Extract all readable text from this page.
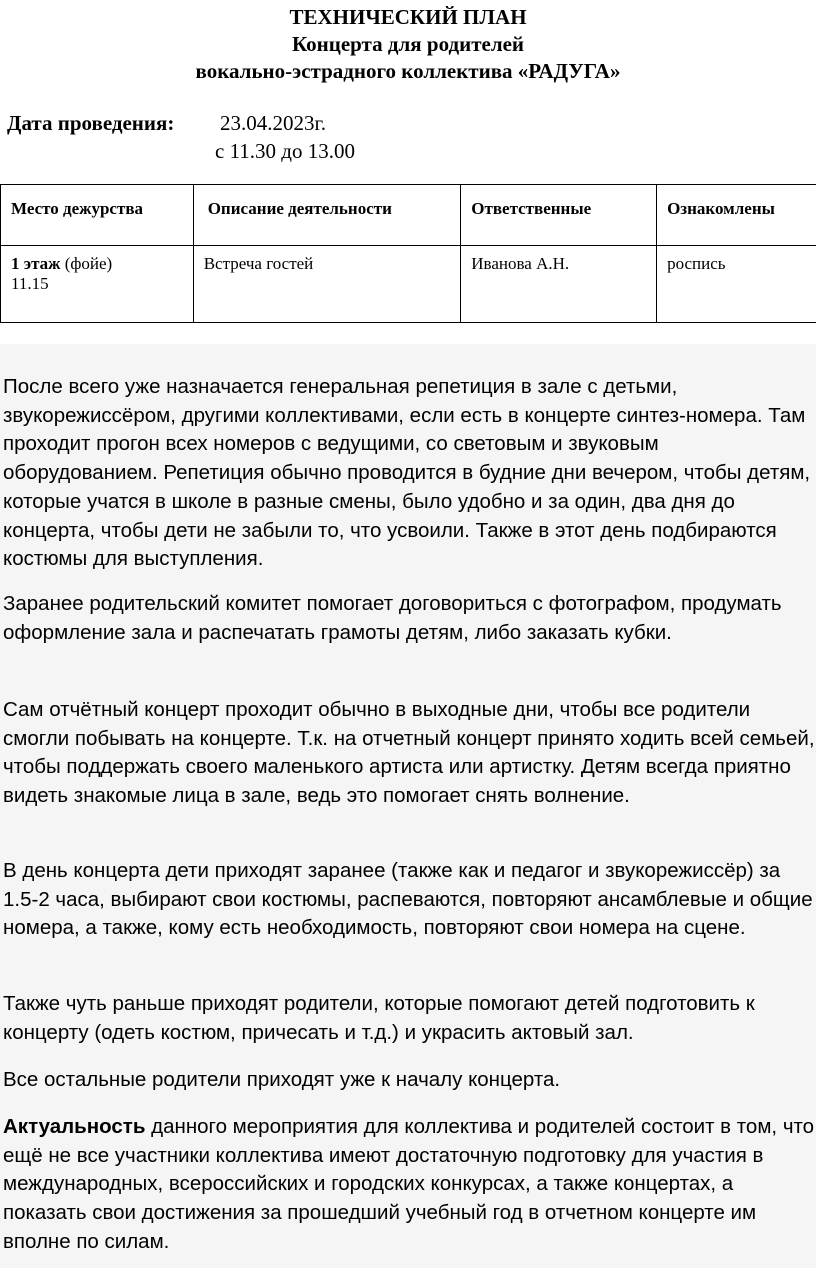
ТЕХНИЧЕСКИЙ ПЛАН
Концерта для родителей
вокально-эстрадного коллектива «РАДУГА»
Дата проведения: 23.04.2023г.
с 11.30 до 13.00
Место дежурства	Описание деятельности	Ответственные	Ознакомлены
1 этаж (фойе)
11.15	Встреча гостей	Иванова А.Н.	роспись

После всего уже назначается генеральная репетиция в зале с детьми, звукорежиссёром, другими коллективами, если есть в концерте синтез-номера. Там проходит прогон всех номеров с ведущими, со световым и звуковым оборудованием. Репетиция обычно проводится в будние дни вечером, чтобы детям, которые учатся в школе в разные смены, было удобно и за один, два дня до концерта, чтобы дети не забыли то, что усвоили. Также в этот день подбираются костюмы для выступления.

Заранее родительский комитет помогает договориться с фотографом, продумать оформление зала и распечатать грамоты детям, либо заказать кубки.

Сам отчётный концерт проходит обычно в выходные дни, чтобы все родители смогли побывать на концерте. Т.к. на отчетный концерт принято ходить всей семьей, чтобы поддержать своего маленького артиста или артистку. Детям всегда приятно видеть знакомые лица в зале, ведь это помогает снять волнение.

В день концерта дети приходят заранее (также как и педагог и звукорежиссёр) за 1.5-2 часа, выбирают свои костюмы, распеваются, повторяют ансамблевые и общие номера, а также, кому есть необходимость, повторяют свои номера на сцене.

Также чуть раньше приходят родители, которые помогают детей подготовить к концерту (одеть костюм, причесать и т.д.) и украсить актовый зал.

Все остальные родители приходят уже к началу концерта.

Актуальность данного мероприятия для коллектива и родителей состоит в том, что ещё не все участники коллектива имеют достаточную подготовку для участия в международных, всероссийских и городских конкурсах, а также концертах, а показать свои достижения за прошедший учебный год в отчетном концерте им вполне по силам.
